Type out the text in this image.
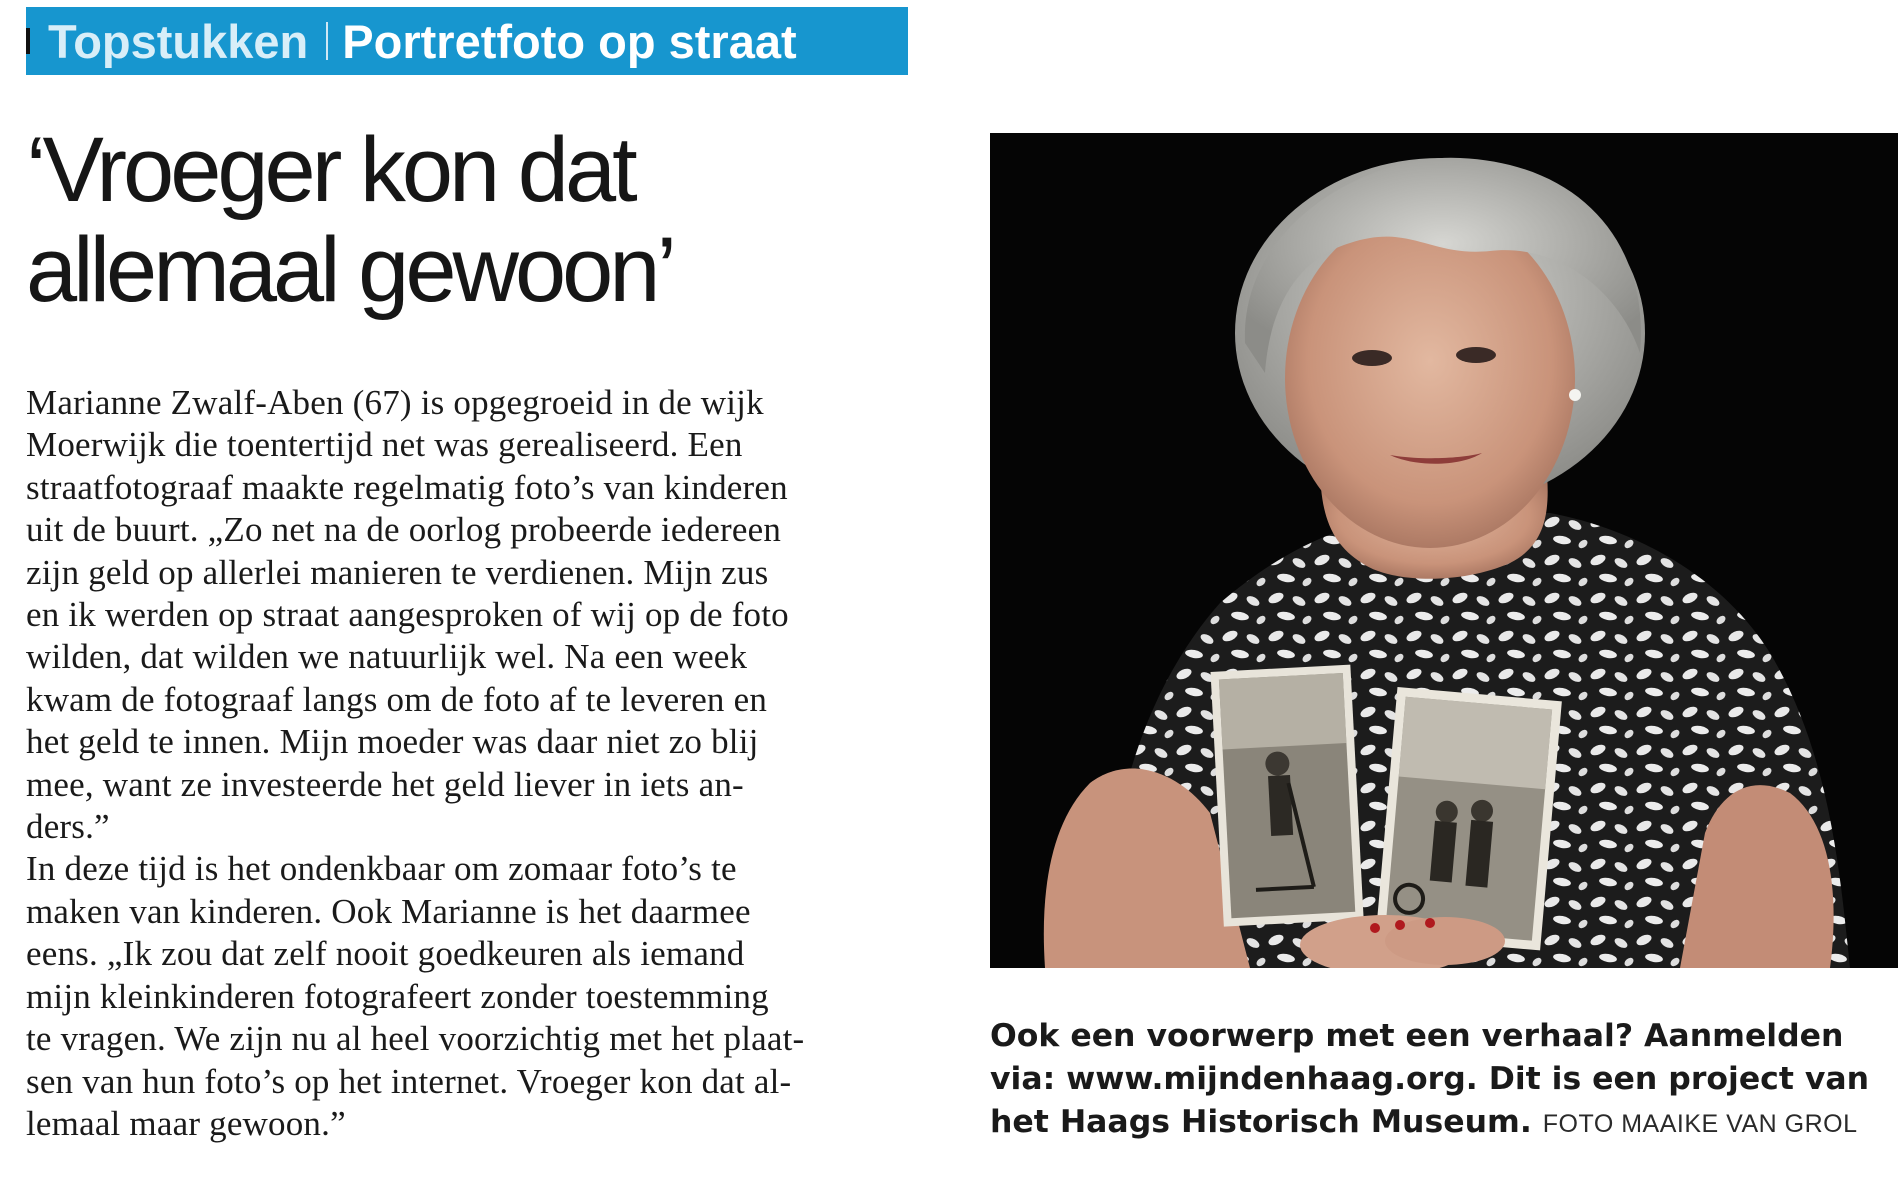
Topstukken Portretfoto op straat
‘Vroeger kon dat
allemaal gewoon’
Marianne Zwalf-Aben (67) is opgegroeid in de wijk
Moerwijk die toentertijd net was gerealiseerd. Een
straatfotograaf maakte regelmatig foto’s van kinderen
uit de buurt. „Zo net na de oorlog probeerde iedereen
zijn geld op allerlei manieren te verdienen. Mijn zus
en ik werden op straat aangesproken of wij op de foto
wilden, dat wilden we natuurlijk wel. Na een week
kwam de fotograaf langs om de foto af te leveren en
het geld te innen. Mijn moeder was daar niet zo blij
mee, want ze investeerde het geld liever in iets an-
ders.”
In deze tijd is het ondenkbaar om zomaar foto’s te
maken van kinderen. Ook Marianne is het daarmee
eens. „Ik zou dat zelf nooit goedkeuren als iemand
mijn kleinkinderen fotografeert zonder toestemming
te vragen. We zijn nu al heel voorzichtig met het plaat-
sen van hun foto’s op het internet. Vroeger kon dat al-
lemaal maar gewoon.”
Ook een voorwerp met een verhaal? Aanmelden
via: www.mijndenhaag.org. Dit is een project van
het Haags Historisch Museum. FOTO MAAIKE VAN GROL
